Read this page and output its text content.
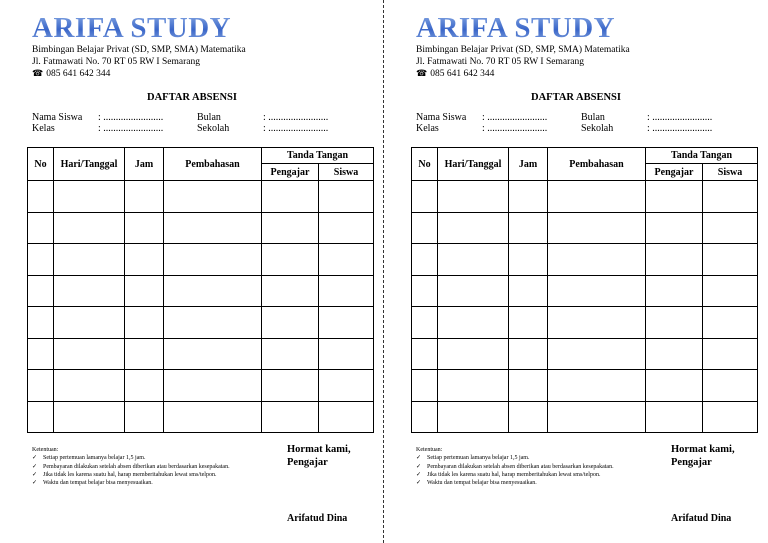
ARIFA STUDY
Bimbingan Belajar Privat (SD, SMP, SMA) Matematika
Jl. Fatmawati No. 70 RT 05 RW I Semarang
☎ 085 641 642 344
DAFTAR ABSENSI
Nama Siswa : ........................
Kelas	: ........................
Bulan	: ........................
Sekolah	: ........................
No	Hari/Tanggal	Jam	Pembahasan	Tanda Tangan	
				Pengajar	Siswa

Ketentuan:
✓ Setiap pertemuan lamanya belajar 1,5 jam.
✓ Pembayaran dilakukan setelah absen diberikan atau berdasarkan kesepakatan.
✓ Jika tidak les karena suatu hal, harap memberitahukan lewat sms/telpon.
✓ Waktu dan tempat belajar bisa menyesuaikan.
Hormat kami,
Pengajar
Arifatud Dina
ARIFA STUDY
Bimbingan Belajar Privat (SD, SMP, SMA) Matematika
Jl. Fatmawati No. 70 RT 05 RW I Semarang
☎ 085 641 642 344
DAFTAR ABSENSI
Nama Siswa : ........................
Kelas	: ........................
Bulan	: ........................
Sekolah	: ........................
No	Hari/Tanggal	Jam	Pembahasan	Tanda Tangan	
				Pengajar	Siswa

Ketentuan:
✓ Setiap pertemuan lamanya belajar 1,5 jam.
✓ Pembayaran dilakukan setelah absen diberikan atau berdasarkan kesepakatan.
✓ Jika tidak les karena suatu hal, harap memberitahukan lewat sms/telpon.
✓ Waktu dan tempat belajar bisa menyesuaikan.
Hormat kami,
Pengajar
Arifatud Dina
